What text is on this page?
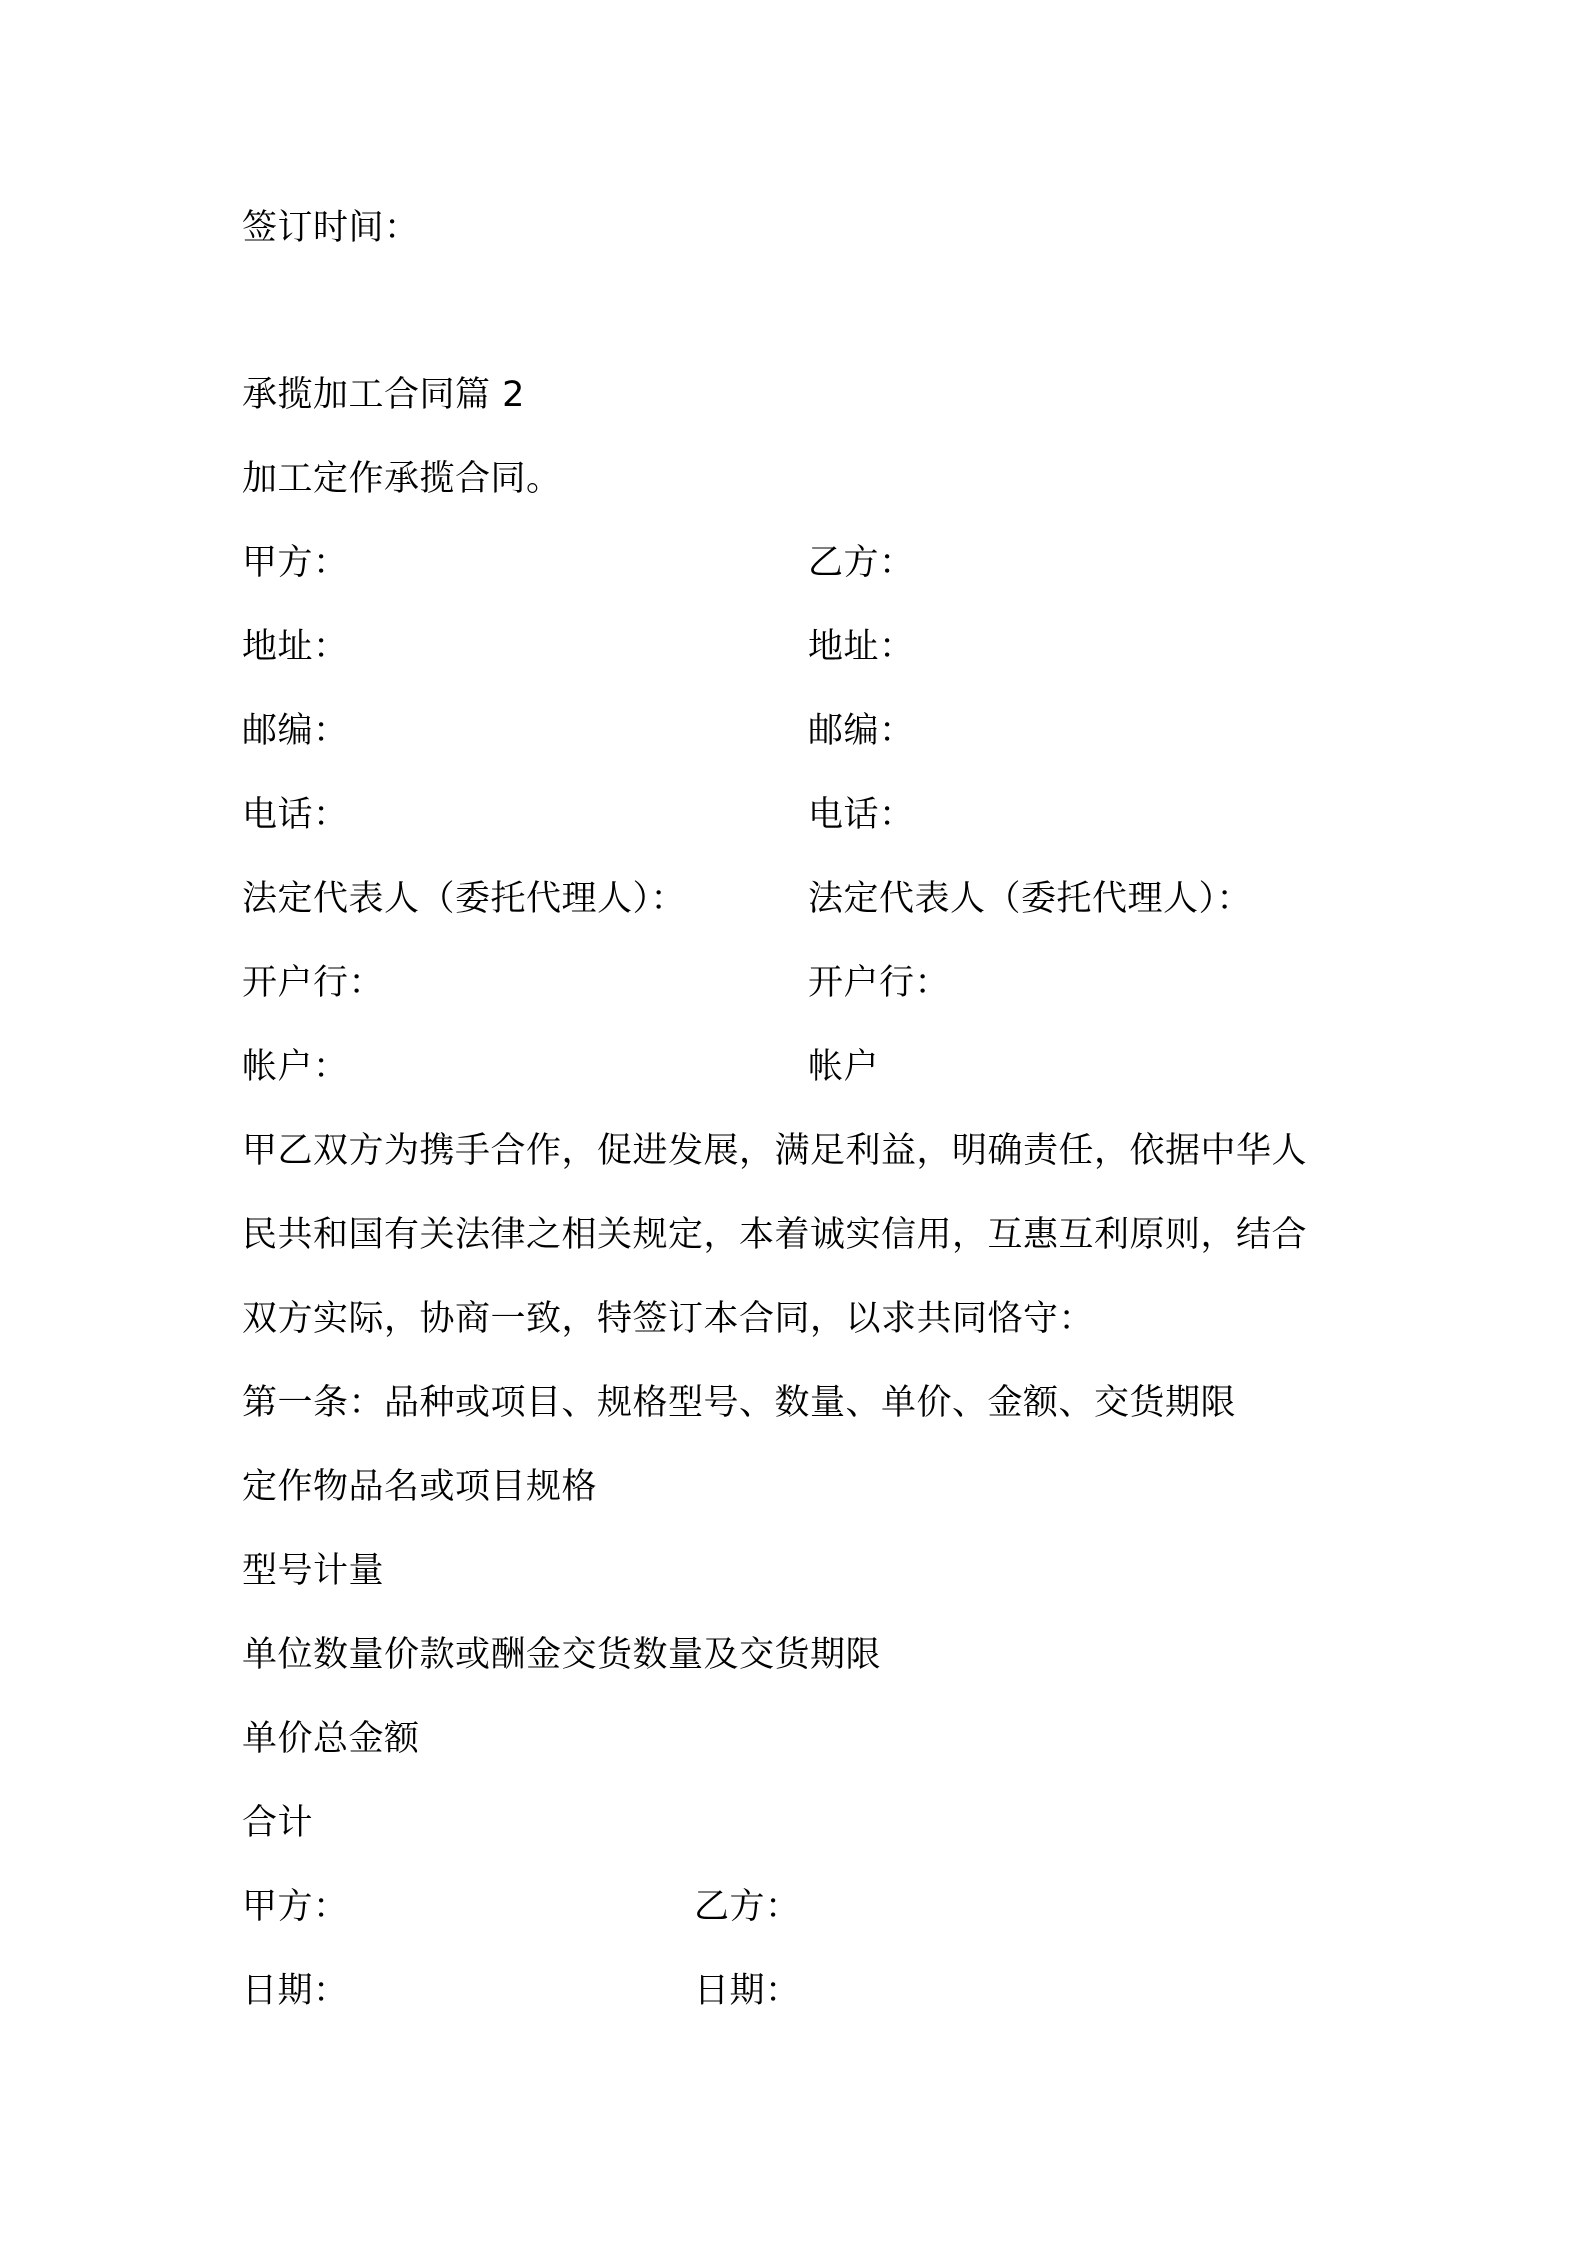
签订时间：
承揽加工合同篇 2
加工定作承揽合同。
甲方：	乙方：
地址：	地址：
邮编：	邮编：
电话：	电话：
法定代表人（委托代理人）：	法定代表人（委托代理人）：
开户行：	开户行：
帐户：	帐户
甲乙双方为携手合作，促进发展，满足利益，明确责任，依据中华人
民共和国有关法律之相关规定，本着诚实信用，互惠互利原则，结合
双方实际，协商一致，特签订本合同，以求共同恪守：
第一条：品种或项目、规格型号、数量、单价、金额、交货期限
定作物品名或项目规格
型号计量
单位数量价款或酬金交货数量及交货期限
单价总金额
合计
甲方：	乙方：
日期：	日期：
